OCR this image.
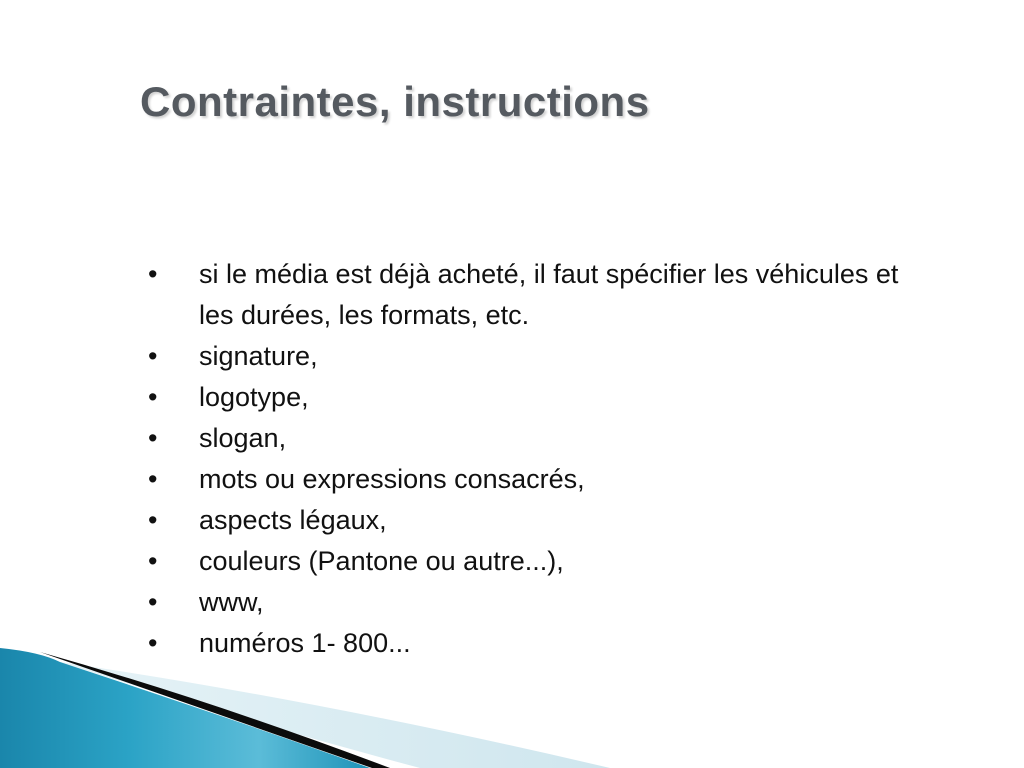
Contraintes, instructions
•	si le média est déjà acheté, il faut spécifier les véhicules et les durées, les formats, etc.
•	signature,
•	logotype,
•	slogan,
•	mots ou expressions consacrés,
•	aspects légaux,
•	couleurs (Pantone ou autre...),
•	www,
•	numéros 1- 800...
